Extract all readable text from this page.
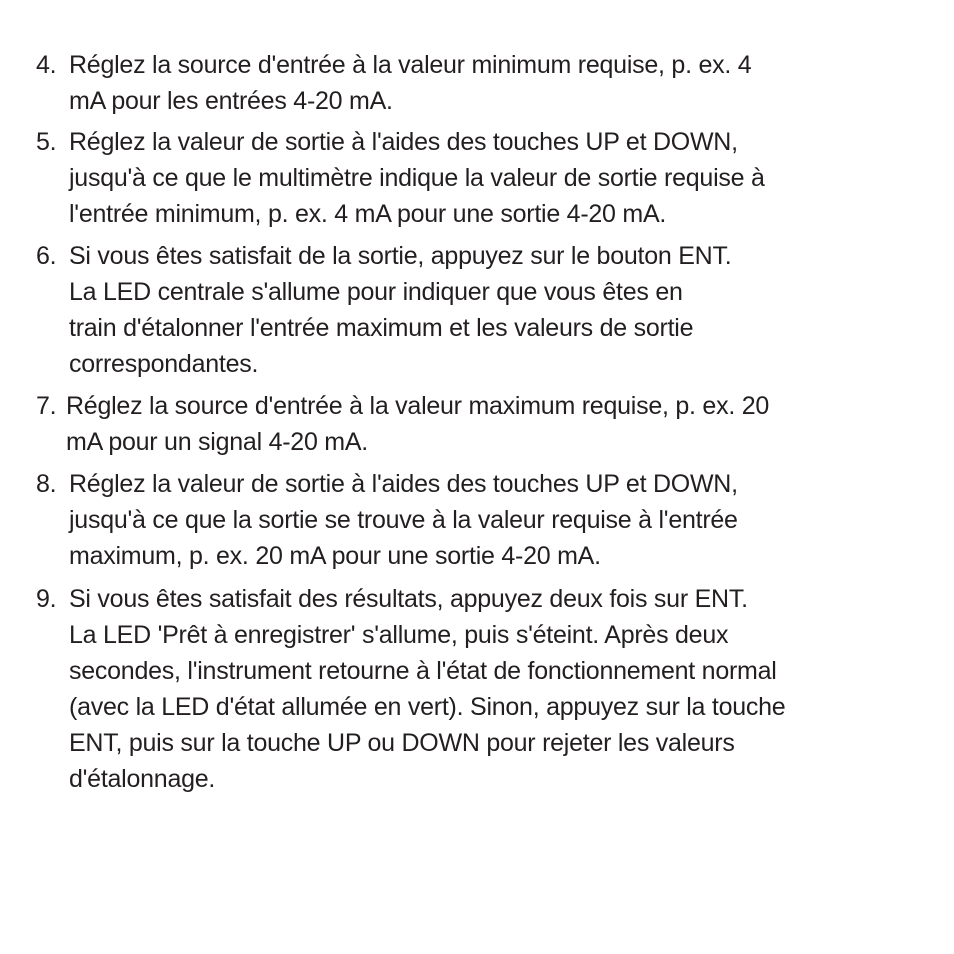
4. Réglez la source d'entrée à la valeur minimum requise, p. ex. 4
mA pour les entrées 4-20 mA.
5. Réglez la valeur de sortie à l'aides des touches UP et DOWN,
jusqu'à ce que le multimètre indique la valeur de sortie requise à
l'entrée minimum, p. ex. 4 mA pour une sortie 4-20 mA.
6. Si vous êtes satisfait de la sortie, appuyez sur le bouton ENT.
La LED centrale s'allume pour indiquer que vous êtes en
train d'étalonner l'entrée maximum et les valeurs de sortie
correspondantes.
7. Réglez la source d'entrée à la valeur maximum requise, p. ex. 20
mA pour un signal 4-20 mA.
8. Réglez la valeur de sortie à l'aides des touches UP et DOWN,
jusqu'à ce que la sortie se trouve à la valeur requise à l'entrée
maximum, p. ex. 20 mA pour une sortie 4-20 mA.
9. Si vous êtes satisfait des résultats, appuyez deux fois sur ENT.
La LED 'Prêt à enregistrer' s'allume, puis s'éteint. Après deux
secondes, l'instrument retourne à l'état de fonctionnement normal
(avec la LED d'état allumée en vert). Sinon, appuyez sur la touche
ENT, puis sur la touche UP ou DOWN pour rejeter les valeurs
d'étalonnage.
